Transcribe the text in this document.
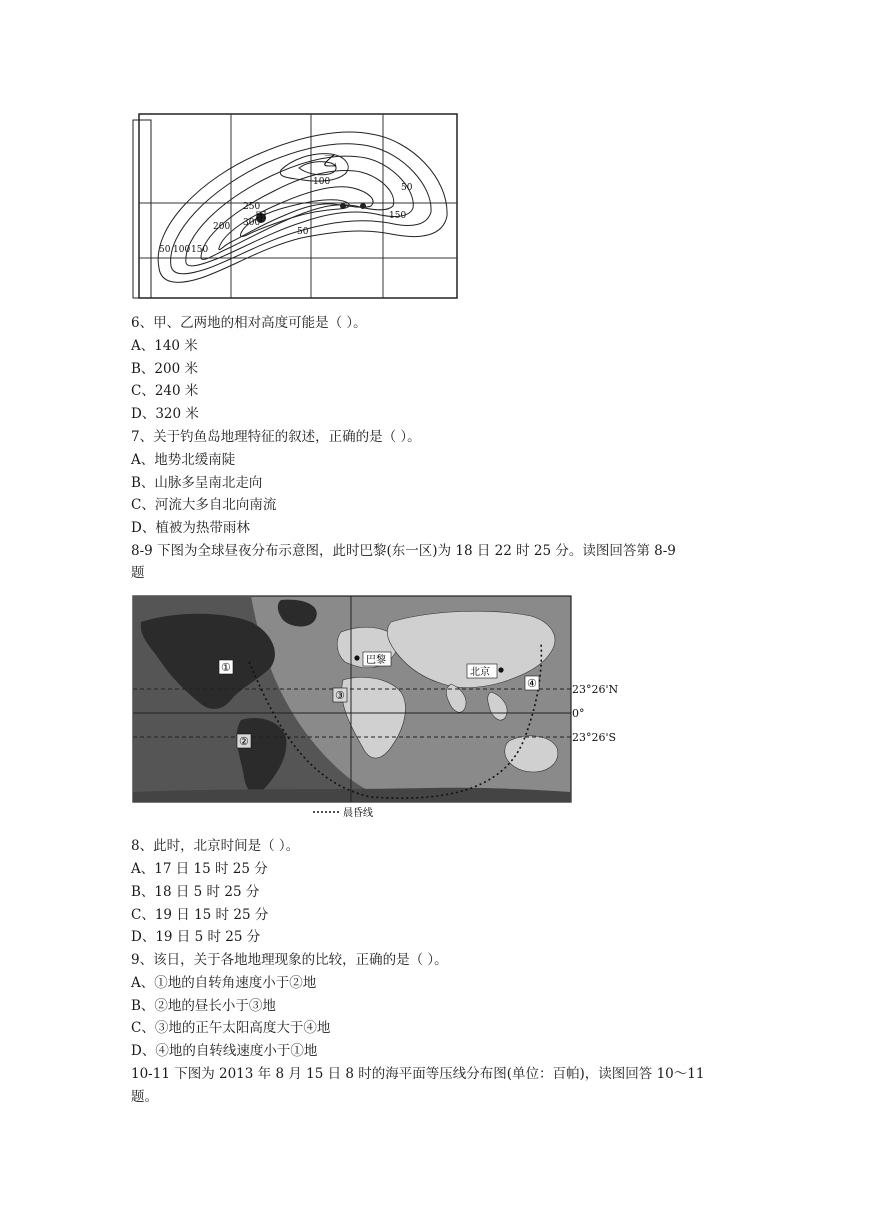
乙
甲
100
50
250
300
200
150
50
50 100 150
6、甲、乙两地的相对高度可能是（ ）。
A、140 米
B、200 米
C、240 米
D、320 米
7、关于钓鱼岛地理特征的叙述，正确的是（ ）。
A、地势北缓南陡
B、山脉多呈南北走向
C、河流大多自北向南流
D、植被为热带雨林
8-9 下图为全球昼夜分布示意图，此时巴黎(东一区)为 18 日 22 时 25 分。读图回答第 8-9
题
巴黎
北京
①
②
③
④
晨昏线
23°26'N
0°
23°26'S
8、此时，北京时间是（ ）。
A、17 日 15 时 25 分
B、18 日 5 时 25 分
C、19 日 15 时 25 分
D、19 日 5 时 25 分
9、该日，关于各地地理现象的比较，正确的是（ ）。
A、①地的自转角速度小于②地
B、②地的昼长小于③地
C、③地的正午太阳高度大于④地
D、④地的自转线速度小于①地
10-11 下图为 2013 年 8 月 15 日 8 时的海平面等压线分布图(单位：百帕)，读图回答 10～11
题。
